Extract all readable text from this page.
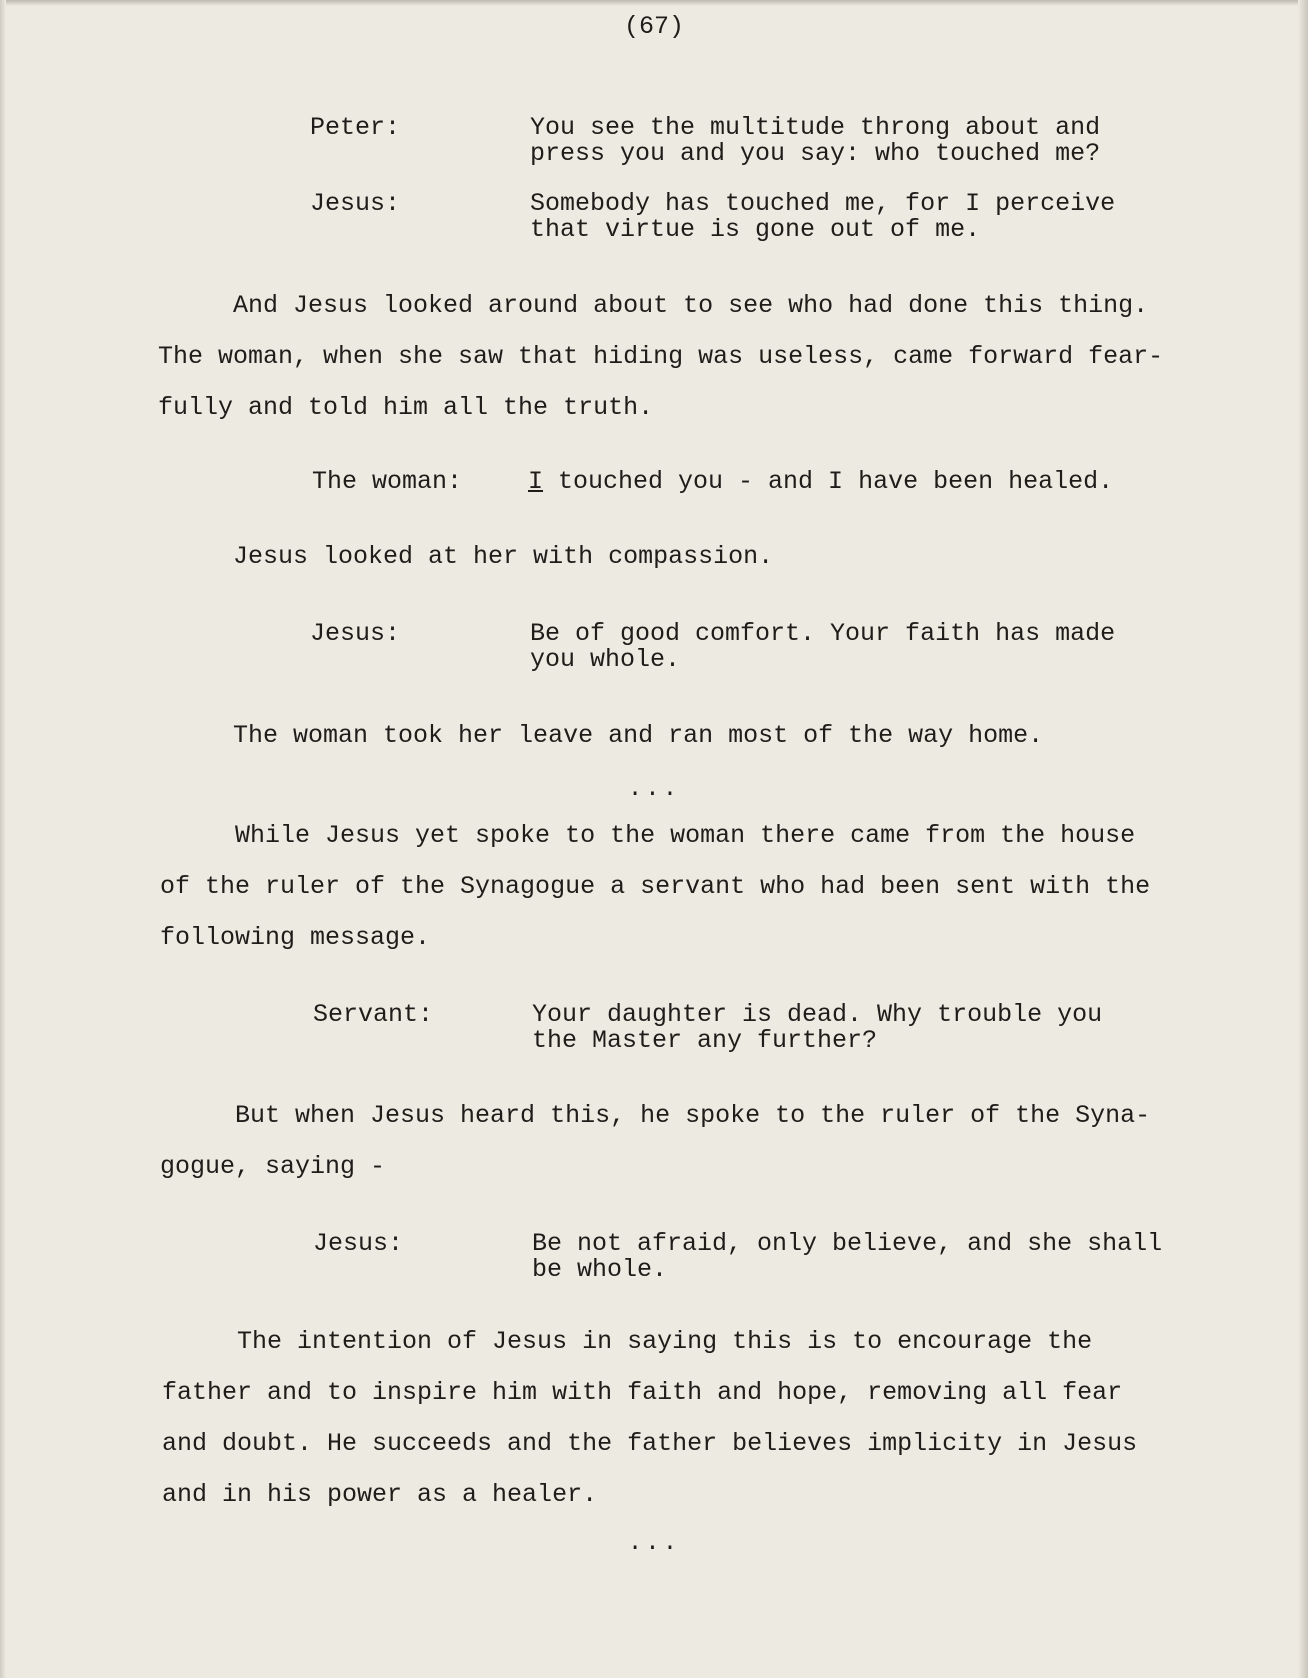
(67)
Peter:	You see the multitude throng about and
press you and you say: who touched me?
Jesus:	Somebody has touched me, for I perceive
that virtue is gone out of me.
And Jesus looked around about to see who had done this thing.
The woman, when she saw that hiding was useless, came forward fear-
fully and told him all the truth.
The woman:	I touched you - and I have been healed.
Jesus looked at her with compassion.
Jesus:	Be of good comfort. Your faith has made
you whole.
The woman took her leave and ran most of the way home.
...
While Jesus yet spoke to the woman there came from the house
of the ruler of the Synagogue a servant who had been sent with the
following message.
Servant:	Your daughter is dead. Why trouble you
the Master any further?
But when Jesus heard this, he spoke to the ruler of the Syna-
gogue, saying -
Jesus:	Be not afraid, only believe, and she shall
be whole.
The intention of Jesus in saying this is to encourage the
father and to inspire him with faith and hope, removing all fear
and doubt. He succeeds and the father believes implicity in Jesus
and in his power as a healer.
...
